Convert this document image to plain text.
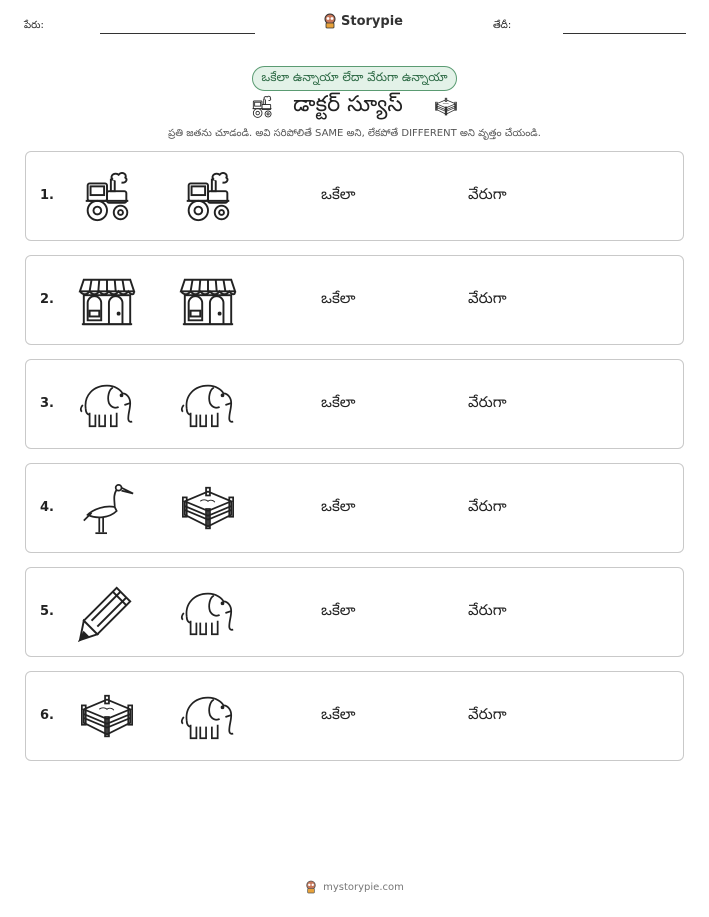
పేరు:	Storypie	తేదీ:
ఒకేలా ఉన్నాయా లేదా వేరుగా ఉన్నాయా
డాక్టర్ స్యూస్
ప్రతి జతను చూడండి. అవి సరిపోలితే SAME అని, లేకపోతే DIFFERENT అని వృత్తం చేయండి.
1.	ఒకేలా	వేరుగా
2.	ఒకేలా	వేరుగా
3.	ఒకేలా	వేరుగా
4.	ఒకేలా	వేరుగా
5.	ఒకేలా	వేరుగా
6.	ఒకేలా	వేరుగా
mystorypie.com
